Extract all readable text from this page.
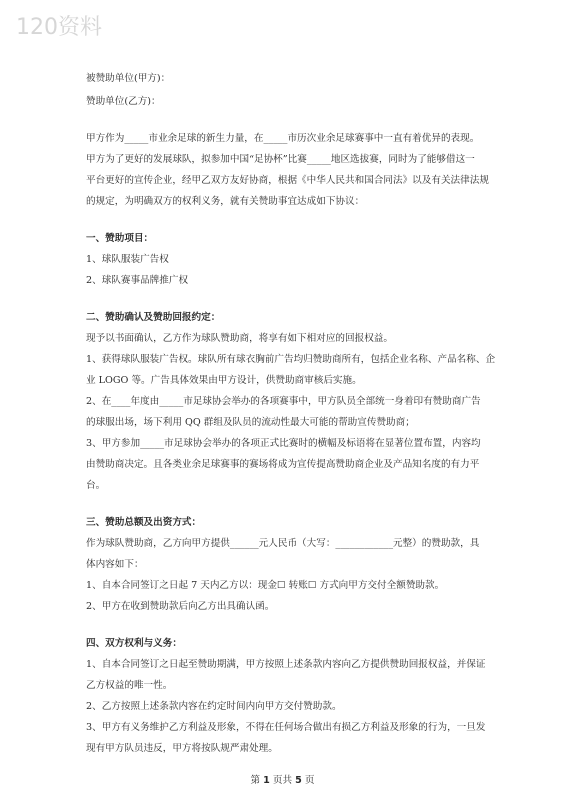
120资料
被赞助单位(甲方)：
赞助单位(乙方)：
甲方作为_____市业余足球的新生力量，在_____市历次业余足球赛事中一直有着优异的表现。
甲方为了更好的发展球队，拟参加中国“足协杯”比赛_____地区选拔赛，同时为了能够借这一
平台更好的宣传企业，经甲乙双方友好协商，根据《中华人民共和国合同法》以及有关法律法规
的规定，为明确双方的权利义务，就有关赞助事宜达成如下协议：
一、赞助项目：
1、球队服装广告权
2、球队赛事品牌推广权
二、赞助确认及赞助回报约定：
现予以书面确认，乙方作为球队赞助商，将享有如下相对应的回报权益。
1、获得球队服装广告权。球队所有球衣胸前广告均归赞助商所有，包括企业名称、产品名称、企
业 LOGO 等。广告具体效果由甲方设计，供赞助商审核后实施。
2、在____年度由_____市足球协会举办的各项赛事中，甲方队员全部统一身着印有赞助商广告
的球服出场，场下利用 QQ 群组及队员的流动性最大可能的帮助宣传赞助商；
3、甲方参加_____市足球协会举办的各项正式比赛时的横幅及标语将在显著位置布置，内容均
由赞助商决定。且各类业余足球赛事的赛场将成为宣传提高赞助商企业及产品知名度的有力平
台。
三、赞助总额及出资方式：
作为球队赞助商，乙方向甲方提供______元人民币（大写：____________元整）的赞助款，具
体内容如下：
1、自本合同签订之日起 7 天内乙方以：现金☐ 转账☐ 方式向甲方交付全额赞助款。
2、甲方在收到赞助款后向乙方出具确认函。
四、双方权利与义务：
1、自本合同签订之日起至赞助期满，甲方按照上述条款内容向乙方提供赞助回报权益，并保证
乙方权益的唯一性。
2、乙方按照上述条款内容在约定时间内向甲方交付赞助款。
3、甲方有义务维护乙方利益及形象，不得在任何场合做出有损乙方利益及形象的行为，一旦发
现有甲方队员违反，甲方将按队规严肃处理。
第 1 页共 5 页
